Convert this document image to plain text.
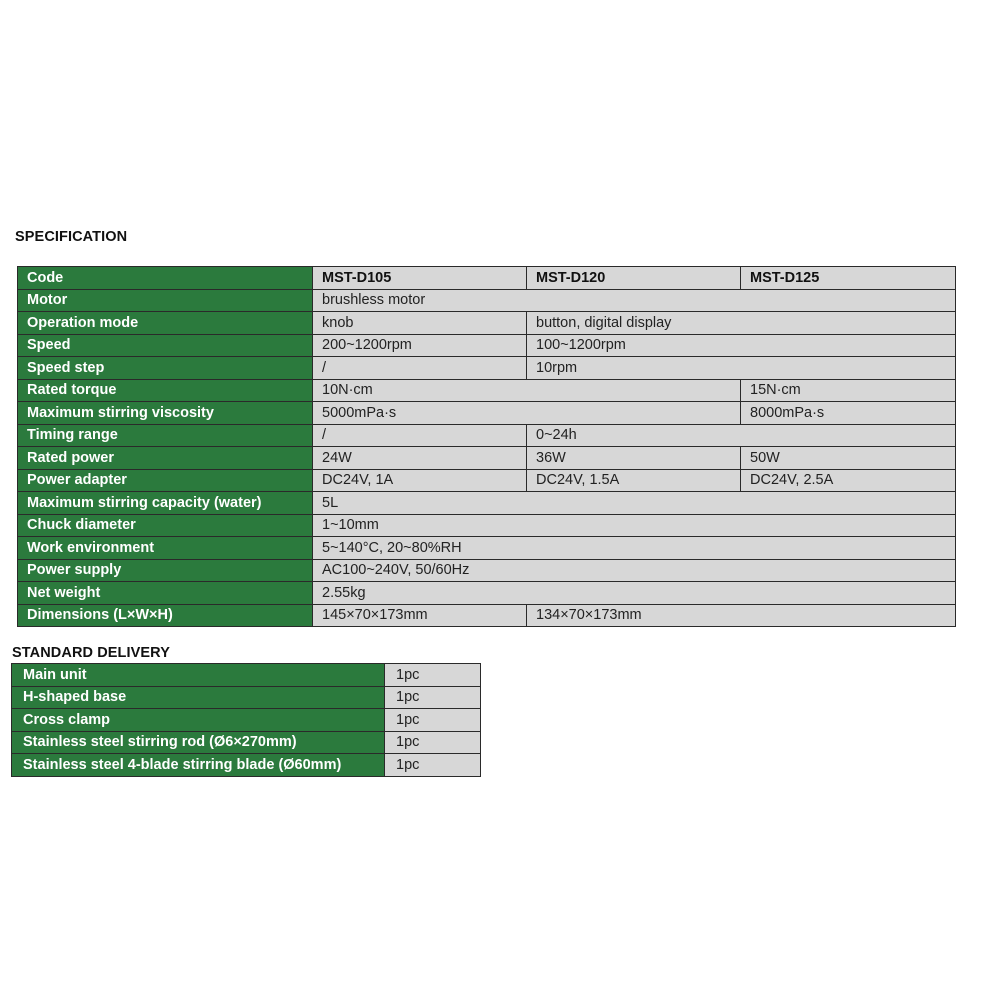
SPECIFICATION
Code	MST-D105	MST-D120	MST-D125
Motor	brushless motor		
Operation mode	knob	button, digital display	
Speed	200~1200rpm	100~1200rpm	
Speed step	/	10rpm	
Rated torque	10N·cm		15N·cm
Maximum stirring viscosity	5000mPa·s		8000mPa·s
Timing range	/	0~24h	
Rated power	24W	36W	50W
Power adapter	DC24V, 1A	DC24V, 1.5A	DC24V, 2.5A
Maximum stirring capacity (water)	5L		
Chuck diameter	1~10mm		
Work environment	5~140°C, 20~80%RH		
Power supply	AC100~240V, 50/60Hz		
Net weight	2.55kg		
Dimensions (L×W×H)	145×70×173mm	134×70×173mm	
STANDARD DELIVERY
Main unit	1pc
H-shaped base	1pc
Cross clamp	1pc
Stainless steel stirring rod (Ø6×270mm)	1pc
Stainless steel 4-blade stirring blade (Ø60mm)	1pc
